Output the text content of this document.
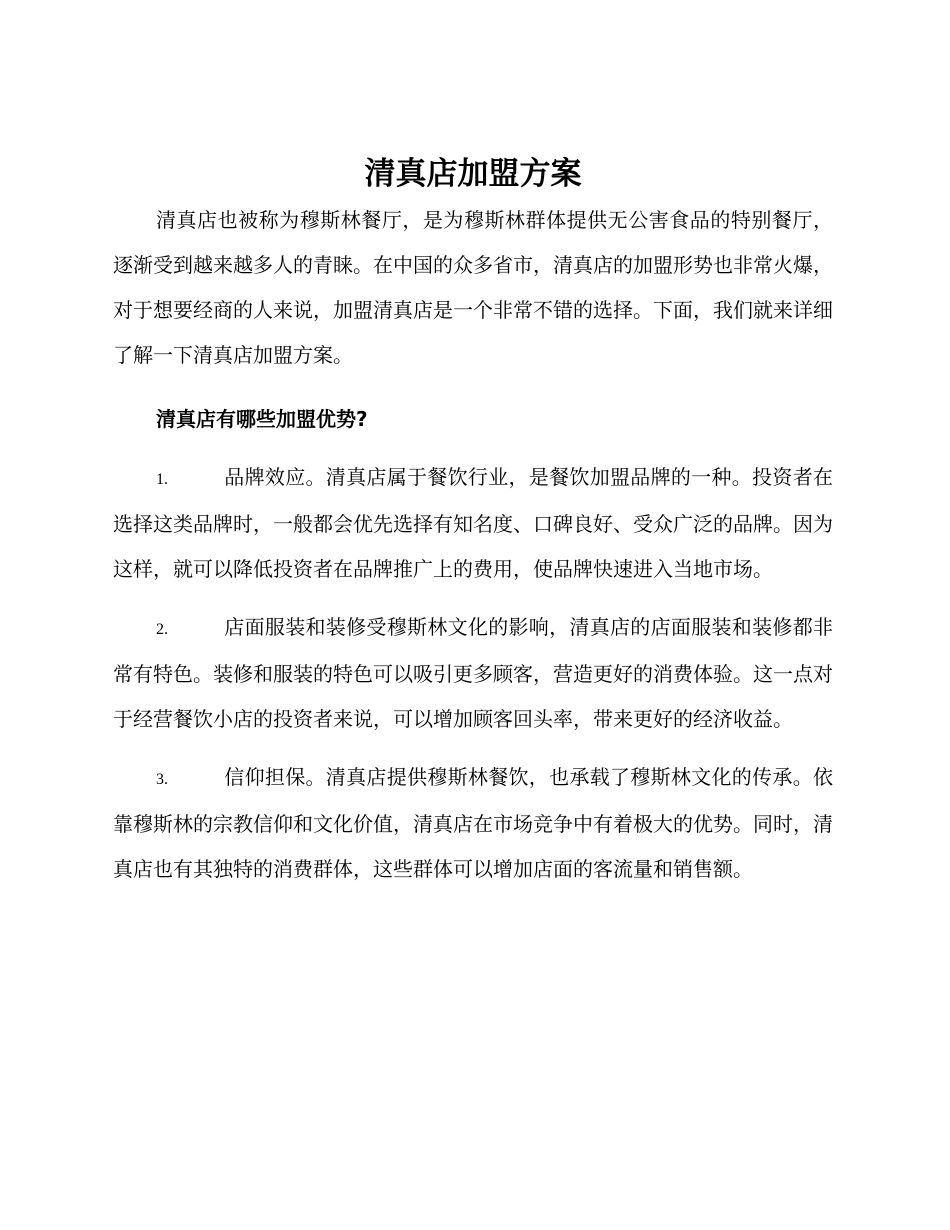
清真店加盟方案

清真店也被称为穆斯林餐厅，是为穆斯林群体提供无公害食品的特别餐厅，逐渐受到越来越多人的青睐。在中国的众多省市，清真店的加盟形势也非常火爆，对于想要经商的人来说，加盟清真店是一个非常不错的选择。下面，我们就来详细了解一下清真店加盟方案。

清真店有哪些加盟优势?

1.	品牌效应。清真店属于餐饮行业，是餐饮加盟品牌的一种。投资者在选择这类品牌时，一般都会优先选择有知名度、口碑良好、受众广泛的品牌。因为这样，就可以降低投资者在品牌推广上的费用，使品牌快速进入当地市场。

2.	店面服装和装修受穆斯林文化的影响，清真店的店面服装和装修都非常有特色。装修和服装的特色可以吸引更多顾客，营造更好的消费体验。这一点对于经营餐饮小店的投资者来说，可以增加顾客回头率，带来更好的经济收益。

3.	信仰担保。清真店提供穆斯林餐饮，也承载了穆斯林文化的传承。依靠穆斯林的宗教信仰和文化价值，清真店在市场竞争中有着极大的优势。同时，清真店也有其独特的消费群体，这些群体可以增加店面的客流量和销售额。
